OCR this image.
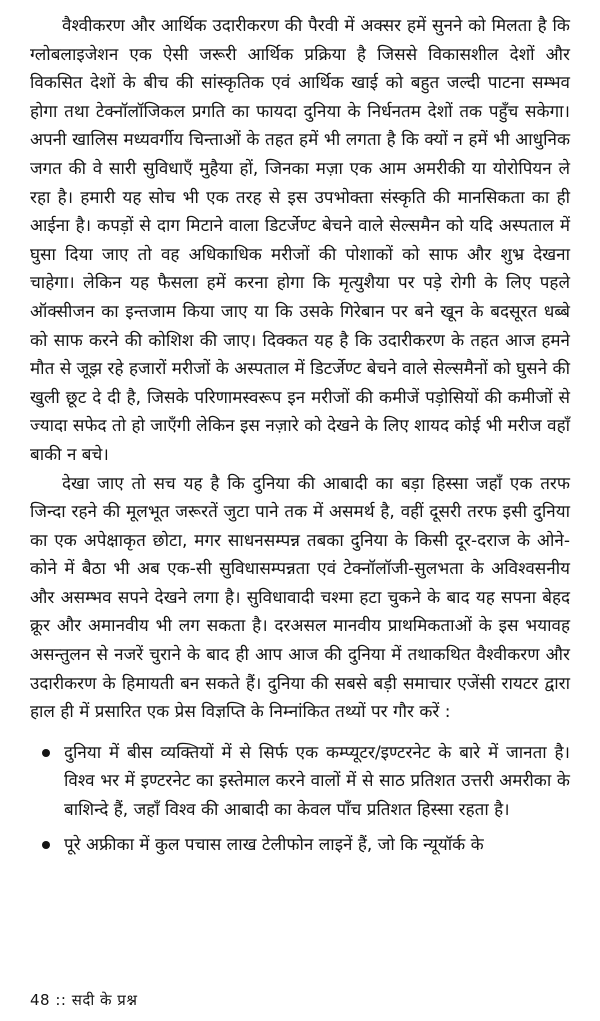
वैश्वीकरण और आर्थिक उदारीकरण की पैरवी में अक्सर हमें सुनने को मिलता है कि ग्लोबलाइजेशन एक ऐसी जरूरी आर्थिक प्रक्रिया है जिससे विकासशील देशों और विकसित देशों के बीच की सांस्कृतिक एवं आर्थिक खाई को बहुत जल्दी पाटना सम्भव होगा तथा टेक्नॉलॉजिकल प्रगति का फायदा दुनिया के निर्धनतम देशों तक पहुँच सकेगा। अपनी खालिस मध्यवर्गीय चिन्ताओं के तहत हमें भी लगता है कि क्यों न हमें भी आधुनिक जगत की वे सारी सुविधाएँ मुहैया हों, जिनका मज़ा एक आम अमरीकी या योरोपियन ले रहा है। हमारी यह सोच भी एक तरह से इस उपभोक्ता संस्कृति की मानसिकता का ही आईना है। कपड़ों से दाग मिटाने वाला डिटर्जेण्ट बेचने वाले सेल्समैन को यदि अस्पताल में घुसा दिया जाए तो वह अधिकाधिक मरीजों की पोशाकों को साफ और शुभ्र देखना चाहेगा। लेकिन यह फैसला हमें करना होगा कि मृत्युशैया पर पड़े रोगी के लिए पहले ऑक्सीजन का इन्तजाम किया जाए या कि उसके गिरेबान पर बने खून के बदसूरत धब्बे को साफ करने की कोशिश की जाए। दिक्कत यह है कि उदारीकरण के तहत आज हमने मौत से जूझ रहे हजारों मरीजों के अस्पताल में डिटर्जेण्ट बेचने वाले सेल्समैनों को घुसने की खुली छूट दे दी है, जिसके परिणामस्वरूप इन मरीजों की कमीजें पड़ोसियों की कमीजों से ज्यादा सफेद तो हो जाएँगी लेकिन इस नज़ारे को देखने के लिए शायद कोई भी मरीज वहाँ बाकी न बचे।

देखा जाए तो सच यह है कि दुनिया की आबादी का बड़ा हिस्सा जहाँ एक तरफ जिन्दा रहने की मूलभूत जरूरतें जुटा पाने तक में असमर्थ है, वहीं दूसरी तरफ इसी दुनिया का एक अपेक्षाकृत छोटा, मगर साधनसम्पन्न तबका दुनिया के किसी दूर-दराज के ओने-कोने में बैठा भी अब एक-सी सुविधासम्पन्नता एवं टेक्नॉलॉजी-सुलभता के अविश्वसनीय और असम्भव सपने देखने लगा है। सुविधावादी चश्मा हटा चुकने के बाद यह सपना बेहद क्रूर और अमानवीय भी लग सकता है। दरअसल मानवीय प्राथमिकताओं के इस भयावह असन्तुलन से नजरें चुराने के बाद ही आप आज की दुनिया में तथाकथित वैश्वीकरण और उदारीकरण के हिमायती बन सकते हैं। दुनिया की सबसे बड़ी समाचार एजेंसी रायटर द्वारा हाल ही में प्रसारित एक प्रेस विज्ञप्ति के निम्नांकित तथ्यों पर गौर करें :

दुनिया में बीस व्यक्तियों में से सिर्फ एक कम्प्यूटर/इण्टरनेट के बारे में जानता है। विश्व भर में इण्टरनेट का इस्तेमाल करने वालों में से साठ प्रतिशत उत्तरी अमरीका के बाशिन्दे हैं, जहाँ विश्व की आबादी का केवल पाँच प्रतिशत हिस्सा रहता है।
पूरे अफ्रीका में कुल पचास लाख टेलीफोन लाइनें हैं, जो कि न्यूयॉर्क के
48 :: सदी के प्रश्न
